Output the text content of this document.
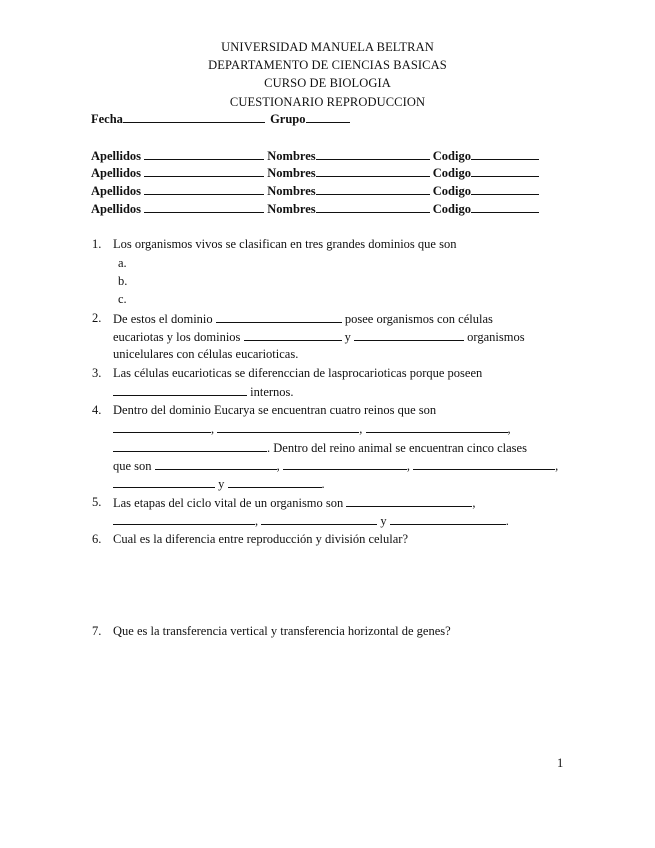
UNIVERSIDAD MANUELA BELTRAN
DEPARTAMENTO DE CIENCIAS BASICAS
CURSO DE BIOLOGIA
CUESTIONARIO REPRODUCCION
Fecha	Grupo
Apellidos	Nombres	Codigo
Apellidos	Nombres	Codigo
Apellidos	Nombres	Codigo
Apellidos	Nombres	Codigo
1. Los organismos vivos se clasifican en tres grandes dominios que son
a.
b.
c.
2. De estos el dominio	posee organismos con células
eucariotas y los dominios	y	organismos
unicelulares con células eucarioticas.
3. Las células eucarioticas se diferenccian de lasprocarioticas porque poseen
internos.
4. Dentro del dominio Eucarya se encuentran cuatro reinos que son
,	,	,
. Dentro del reino animal se encuentran cinco clases
que son	,	,	,
y	.
5. Las etapas del ciclo vital de un organismo son	,
,	y	.
6. Cual es la diferencia entre reproducción y división celular?
7. Que es la transferencia vertical y transferencia horizontal de genes?
1
